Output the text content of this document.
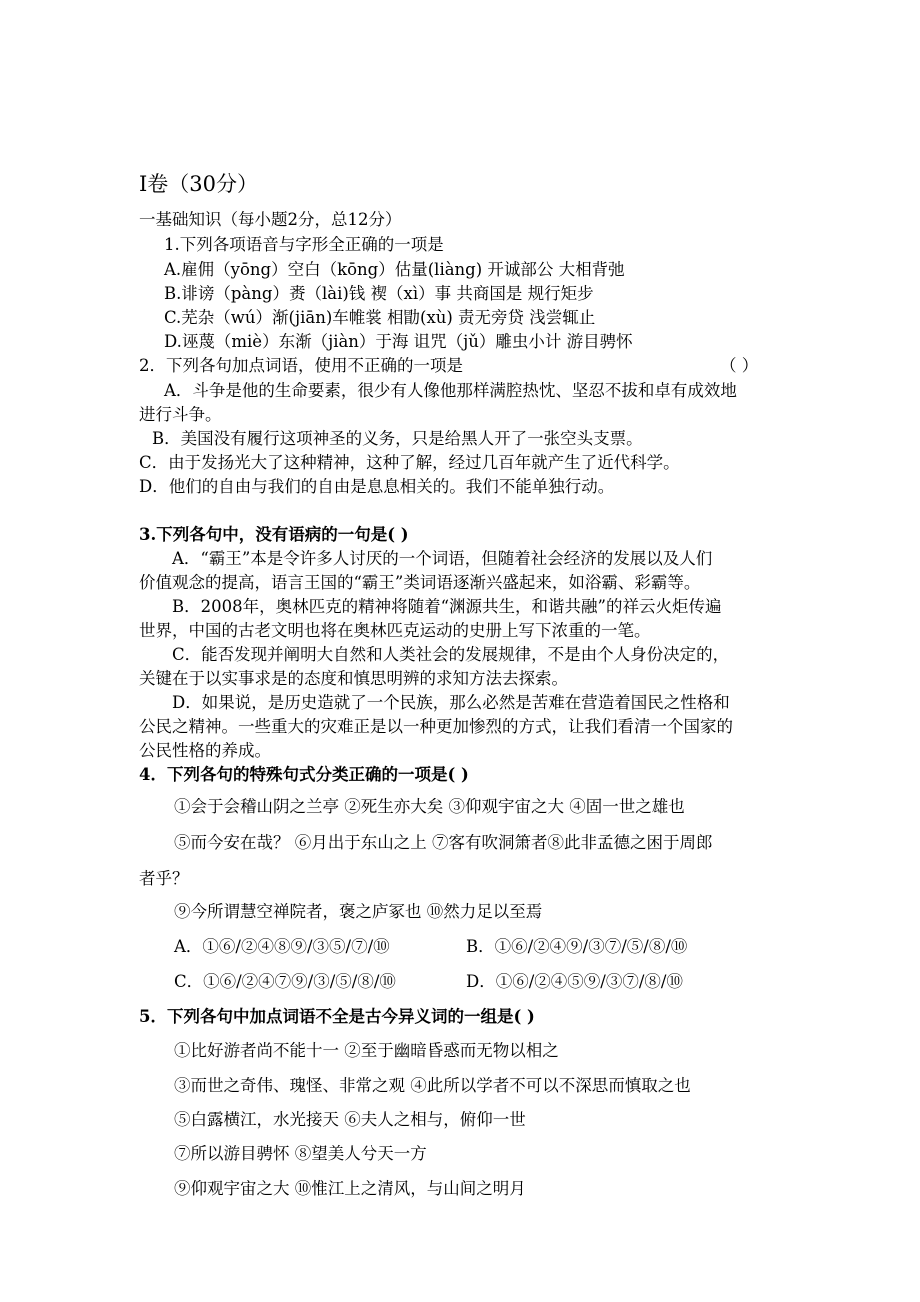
I卷（30分）
一基础知识（每小题2分，总12分）
1.下列各项语音与字形全正确的一项是
A.雇佣（yōng）空白（kōng）估量(liàng) 开诚部公 大相背弛
B.诽谤（pàng）赉（lài)钱 褉（xì）事 共商国是 规行矩步
C.芜杂（wú）渐(jiān)车帷裳 相勖(xù) 责无旁贷 浅尝辄止
D.诬蔑（miè）东渐（jiàn）于海 诅咒（jǔ）雕虫小计 游目骋怀
2．下列各句加点词语，使用不正确的一项是	（ ）
A．斗争是他的生命要素，很少有人像他那样满腔热忱、坚忍不拔和卓有成效地
进行斗争。
B．美国没有履行这项神圣的义务，只是给黑人开了一张空头支票。
C．由于发扬光大了这种精神，这种了解，经过几百年就产生了近代科学。
D．他们的自由与我们的自由是息息相关的。我们不能单独行动。
3.下列各句中，没有语病的一句是( )
A．“霸王”本是令许多人讨厌的一个词语，但随着社会经济的发展以及人们
价值观念的提高，语言王国的“霸王”类词语逐渐兴盛起来，如浴霸、彩霸等。
B．2008年，奥林匹克的精神将随着“渊源共生，和谐共融”的祥云火炬传遍
世界，中国的古老文明也将在奥林匹克运动的史册上写下浓重的一笔。
C．能否发现并阐明大自然和人类社会的发展规律，不是由个人身份决定的，
关键在于以实事求是的态度和慎思明辨的求知方法去探索。
D．如果说，是历史造就了一个民族，那么必然是苦难在营造着国民之性格和
公民之精神。一些重大的灾难正是以一种更加惨烈的方式，让我们看清一个国家的
公民性格的养成。
4．下列各句的特殊句式分类正确的一项是( )
①会于会稽山阴之兰亭 ②死生亦大矣 ③仰观宇宙之大 ④固一世之雄也
⑤而今安在哉？ ⑥月出于东山之上 ⑦客有吹洞箫者⑧此非孟德之困于周郎
者乎？
⑨今所谓慧空禅院者，褒之庐冢也 ⑩然力足以至焉
A．①⑥/②④⑧⑨/③⑤/⑦/⑩	B．①⑥/②④⑨/③⑦/⑤/⑧/⑩
C．①⑥/②④⑦⑨/③/⑤/⑧/⑩	D．①⑥/②④⑤⑨/③⑦/⑧/⑩
5．下列各句中加点词语不全是古今异义词的一组是( )
①比好游者尚不能十一 ②至于幽暗昏惑而无物以相之
③而世之奇伟、瑰怪、非常之观 ④此所以学者不可以不深思而慎取之也
⑤白露横江，水光接天 ⑥夫人之相与，俯仰一世
⑦所以游目骋怀 ⑧望美人兮天一方
⑨仰观宇宙之大 ⑩惟江上之清风，与山间之明月
